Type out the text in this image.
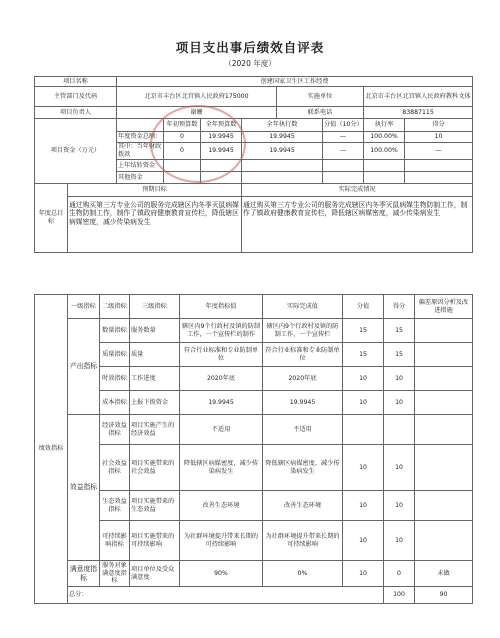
项目支出事后绩效自评表
（2020 年度）
项目名称		创建国家卫生区工作经费							
主管部门及代码		北京市丰台区北宫镇人民政府175000				实施单位		北京市丰台区北宫镇人民政府教科文体	
项目负责人		谢姗				联系电话		83887115	
项目资金（万元）			年初预算数	全年预算数	全年执行数		分值（10分）	执行率	得分
		年度资金总额：	0	19.9945	19.9945		—	100.00%	10
		其中：当年财政拨款	0	19.9945	19.9945		—	100.00%	—
		上年结转资金							
		其他资金							
年度总目标	预期目标				实际完成情况				
	通过购买第三方专业公司的服务完成辖区内冬季灭鼠病媒生物防制工作，制作了镇政府健康教育宣传栏，降低辖区病媒密度，减少传染病发生				通过购买第三方专业公司的服务完成辖区内冬季灭鼠病媒生物防制工作，制作了镇政府健康教育宣传栏，降低辖区病媒密度，减少传染病发生				
绩效指标	一级指标	二级指标	三级指标	年度指标值	实际完成值	分值	得分	偏差原因分析及改进措施	
	产出指标	数量指标	服务数量	辖区内9个行政村及镇的防制工作，一个宣传栏的制作	辖区内9个行政村及镇的防制工作，一个宣传栏	15	15		
		质量指标	质量	符合行业标准和专业防制单位	符合行业标准和专业防制单位	15	15		
		时效指标	工作进度	2020年底	2020年底	10	10		
		成本指标	上报下拨资金	19.9945	19.9945	10	10		
	效益指标	经济效益指标	项目实施产生的经济效益	不适用	不适用				
		社会效益指标	项目实施带来的社会效益	降低辖区病媒密度，减少传染病发生	降低辖区病媒密度，减少传染病发生	10	10		
		生态效益指标	项目实施带来的生态效益	改善生态环境	改善生态环境	10	10		
		可持续影响指标	项目实施带来的可持续影响	为社群环境提升带来长期的可持续影响	为社群环境提升带来长期的可持续影响	10	10		
	满意度指标	服务对象满意度指标	项目单位及受众满意度	90%	0%	10	0	未做	
	总分：						100	90	
